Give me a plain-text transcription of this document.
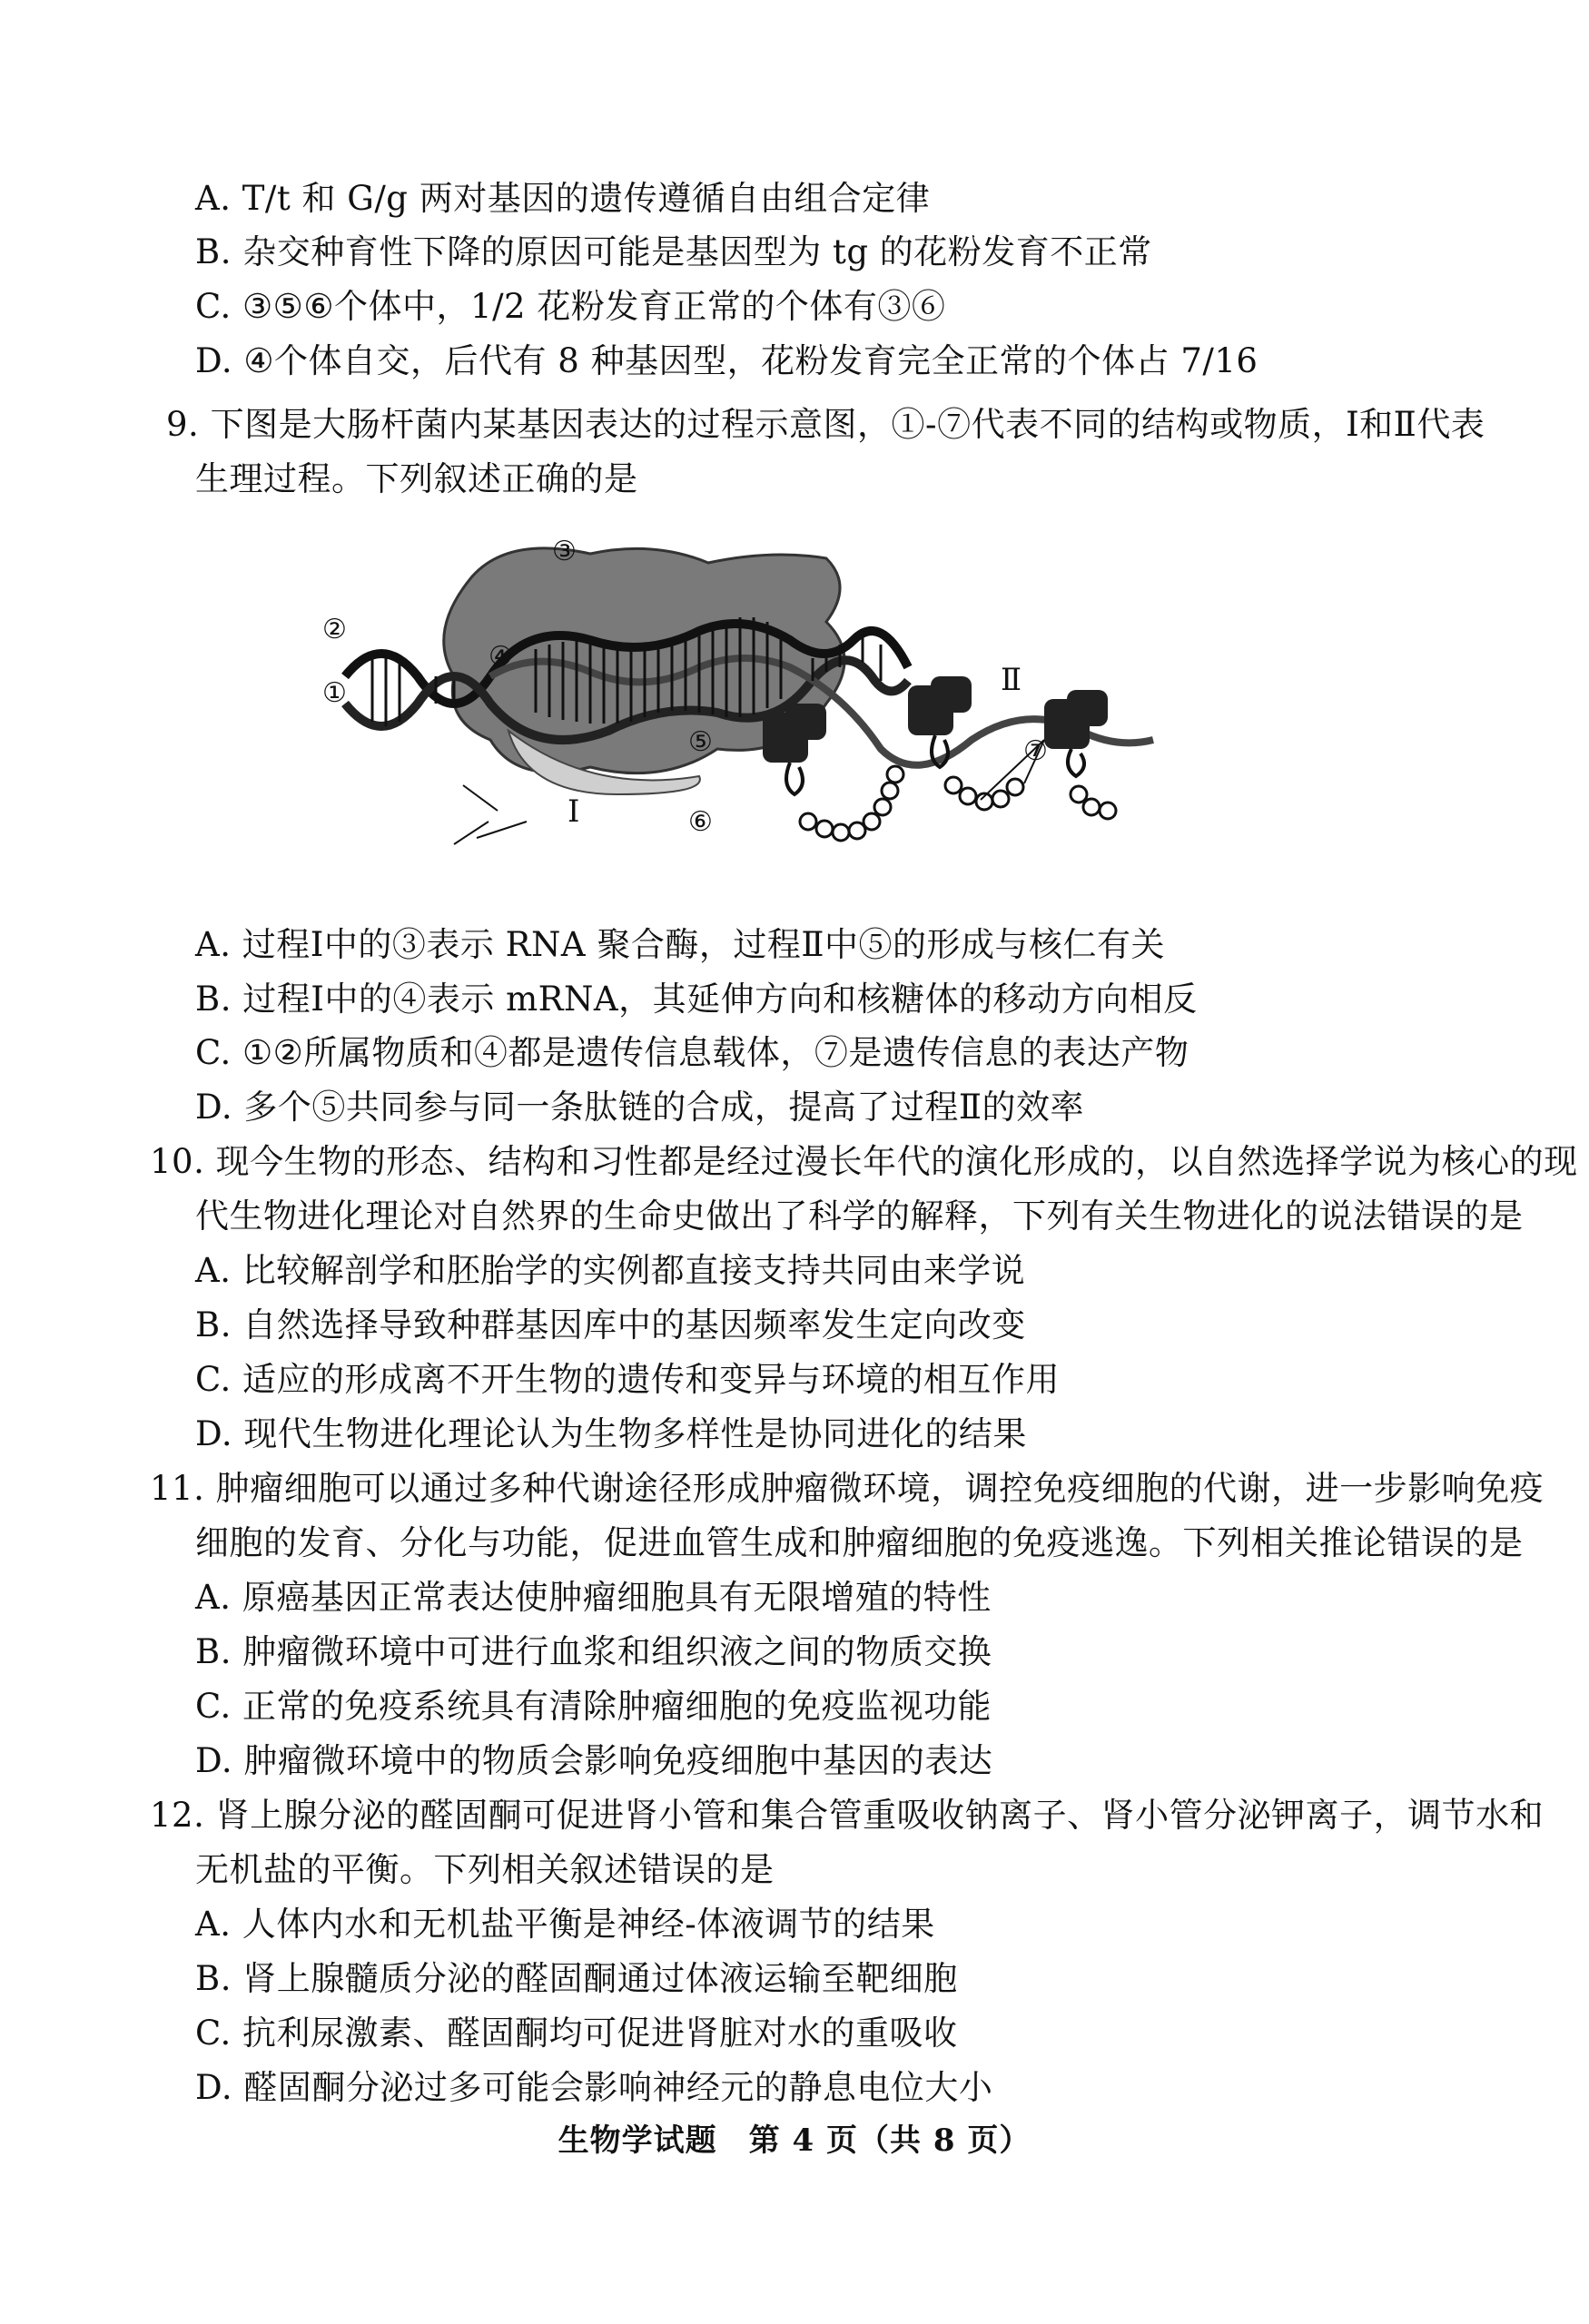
A. T/t 和 G/g 两对基因的遗传遵循自由组合定律
B. 杂交种育性下降的原因可能是基因型为 tg 的花粉发育不正常
C. ③⑤⑥个体中，1/2 花粉发育正常的个体有③⑥
D. ④个体自交，后代有 8 种基因型，花粉发育完全正常的个体占 7/16
9. 下图是大肠杆菌内某基因表达的过程示意图，①-⑦代表不同的结构或物质，Ⅰ和Ⅱ代表
生理过程。下列叙述正确的是
②
①
③
④
⑤
⑥
⑦
Ⅰ
Ⅱ
A. 过程Ⅰ中的③表示 RNA 聚合酶，过程Ⅱ中⑤的形成与核仁有关
B. 过程Ⅰ中的④表示 mRNA，其延伸方向和核糖体的移动方向相反
C. ①②所属物质和④都是遗传信息载体，⑦是遗传信息的表达产物
D. 多个⑤共同参与同一条肽链的合成，提高了过程Ⅱ的效率
10. 现今生物的形态、结构和习性都是经过漫长年代的演化形成的，以自然选择学说为核心的现
代生物进化理论对自然界的生命史做出了科学的解释，下列有关生物进化的说法错误的是
A. 比较解剖学和胚胎学的实例都直接支持共同由来学说
B. 自然选择导致种群基因库中的基因频率发生定向改变
C. 适应的形成离不开生物的遗传和变异与环境的相互作用
D. 现代生物进化理论认为生物多样性是协同进化的结果
11. 肿瘤细胞可以通过多种代谢途径形成肿瘤微环境，调控免疫细胞的代谢，进一步影响免疫
细胞的发育、分化与功能，促进血管生成和肿瘤细胞的免疫逃逸。下列相关推论错误的是
A. 原癌基因正常表达使肿瘤细胞具有无限增殖的特性
B. 肿瘤微环境中可进行血浆和组织液之间的物质交换
C. 正常的免疫系统具有清除肿瘤细胞的免疫监视功能
D. 肿瘤微环境中的物质会影响免疫细胞中基因的表达
12. 肾上腺分泌的醛固酮可促进肾小管和集合管重吸收钠离子、肾小管分泌钾离子，调节水和
无机盐的平衡。下列相关叙述错误的是
A. 人体内水和无机盐平衡是神经-体液调节的结果
B. 肾上腺髓质分泌的醛固酮通过体液运输至靶细胞
C. 抗利尿激素、醛固酮均可促进肾脏对水的重吸收
D. 醛固酮分泌过多可能会影响神经元的静息电位大小
生物学试题　第 4 页（共 8 页）
